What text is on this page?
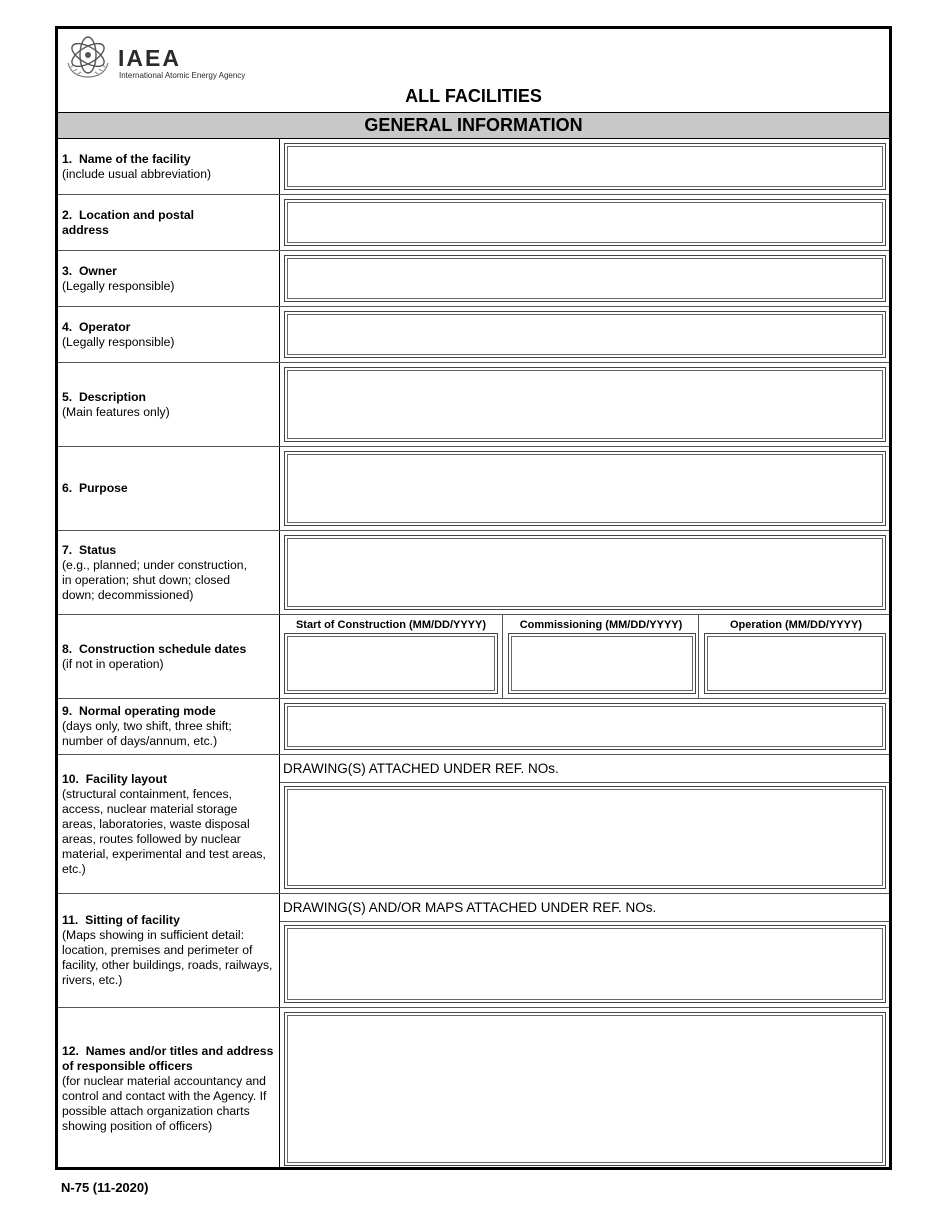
IAEA
International Atomic Energy Agency
ALL FACILITIES
GENERAL INFORMATION
1. Name of the facility
(include usual abbreviation)
2. Location and postal address
3. Owner
(Legally responsible)
4. Operator
(Legally responsible)
5. Description
(Main features only)
6. Purpose
7. Status
(e.g., planned; under construction, in operation; shut down; closed down; decommissioned)
8. Construction schedule dates
(if not in operation)
Start of Construction (MM/DD/YYYY)	Commissioning (MM/DD/YYYY)	Operation (MM/DD/YYYY)
9. Normal operating mode
(days only, two shift, three shift; number of days/annum, etc.)
10. Facility layout
(structural containment, fences, access, nuclear material storage areas, laboratories, waste disposal areas, routes followed by nuclear material, experimental and test areas, etc.)
DRAWING(S) ATTACHED UNDER REF. NOs.
11. Sitting of facility
(Maps showing in sufficient detail: location, premises and perimeter of facility, other buildings, roads, railways, rivers, etc.)
DRAWING(S) AND/OR MAPS ATTACHED UNDER REF. NOs.
12. Names and/or titles and address of responsible officers
(for nuclear material accountancy and control and contact with the Agency. If possible attach organization charts showing position of officers)
N-75 (11-2020)
